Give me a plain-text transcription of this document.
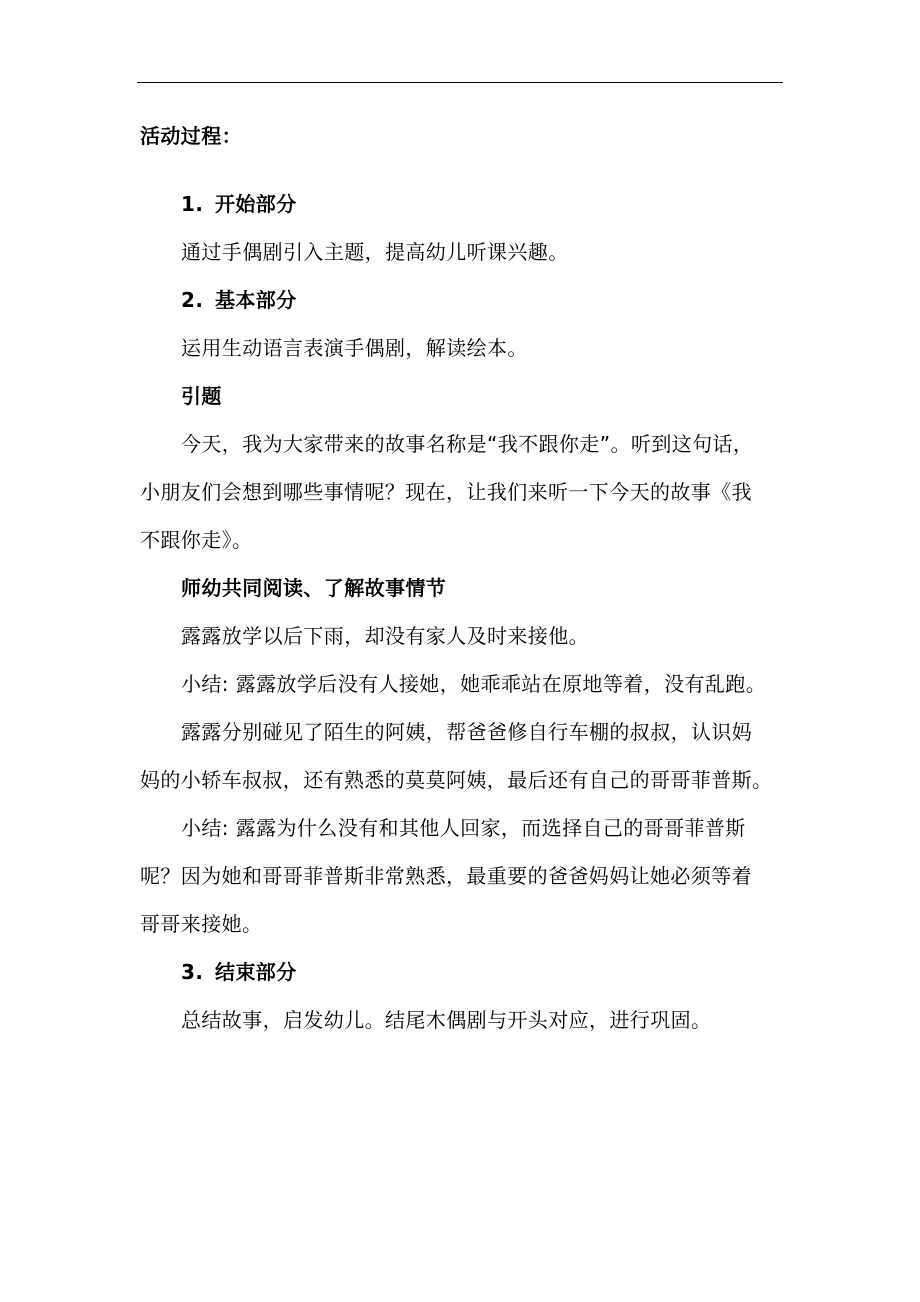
活动过程：
1. 开始部分
通过手偶剧引入主题，提高幼儿听课兴趣。
2. 基本部分
运用生动语言表演手偶剧，解读绘本。
引题
今天，我为大家带来的故事名称是“我不跟你走”。听到这句话，
小朋友们会想到哪些事情呢？现在，让我们来听一下今天的故事《我
不跟你走》。
师幼共同阅读、了解故事情节
露露放学以后下雨，却没有家人及时来接他。
小结: 露露放学后没有人接她，她乖乖站在原地等着，没有乱跑。
露露分别碰见了陌生的阿姨，帮爸爸修自行车棚的叔叔，认识妈
妈的小轿车叔叔，还有熟悉的莫莫阿姨，最后还有自己的哥哥菲普斯。
小结: 露露为什么没有和其他人回家，而选择自己的哥哥菲普斯
呢？因为她和哥哥菲普斯非常熟悉，最重要的爸爸妈妈让她必须等着
哥哥来接她。
3. 结束部分
总结故事，启发幼儿。结尾木偶剧与开头对应，进行巩固。
